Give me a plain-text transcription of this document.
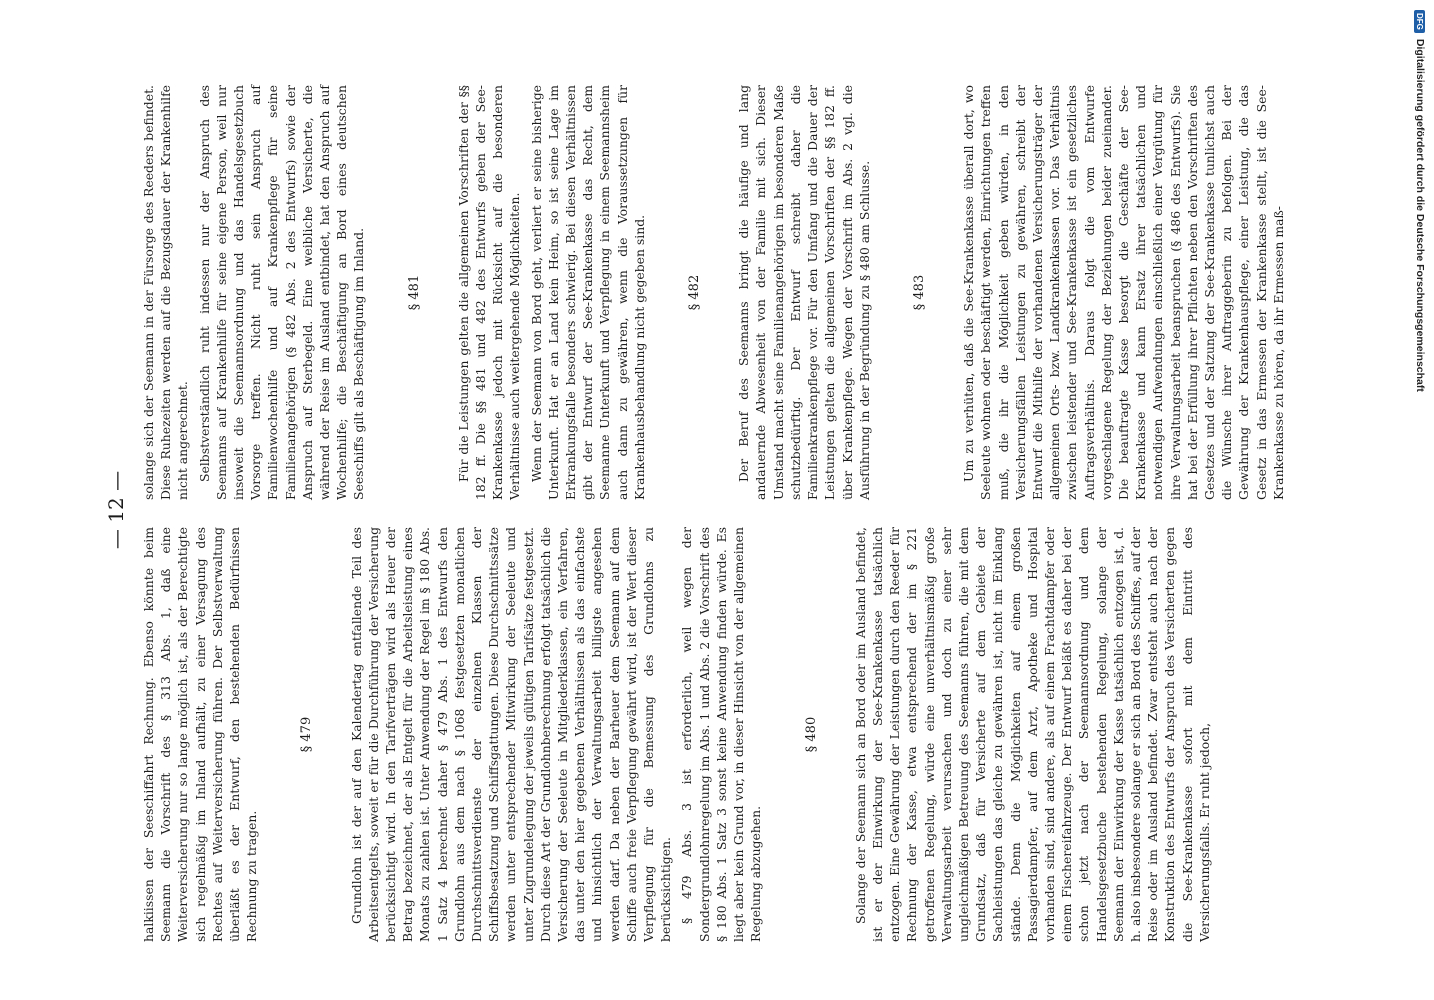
— 12 —

halkiissen der Seeschiffahrt Rechnung. Ebenso könnte beim Seemann die Vorschrift des § 313 Abs. 1, daß eine Weiterversicherung nur so lange möglich ist, als der Berechtigte sich regelmäßig im Inland aufhält, zu einer Versagung des Rechtes auf Weiterversicherung führen. Der Selbstverwaltung überläßt es der Entwurf, den bestehenden Bedürfnissen Rechnung zu tragen.

§ 479	Grundlohn ist der auf den Kalendertag entfallende Teil des Arbeitsentgelts, soweit er für die Durchführung der Versicherung berücksichtigt wird. In den Tarifverträgen wird als Heuer der Betrag bezeichnet, der als Entgelt für die Arbeitsleistung eines Monats zu zahlen ist. Unter Anwendung der Regel im § 180 Abs. 1 Satz 4 berechnet daher § 479 Abs. 1 des Entwurfs den Grundlohn aus dem nach § 1068 festgesetzten monatlichen Durchschnittsverdienste der einzelnen Klassen der Schiffsbesatzung und Schiffsgattungen. Diese Durchschnittssätze werden unter entsprechender Mitwirkung der Seeleute und unter Zugrundelegung der jeweils gültigen Tarifsätze festgesetzt. Durch diese Art der Grundlohnberechnung erfolgt tatsächlich die Versicherung der Seeleute in Mitgliederklassen, ein Verfahren, das unter den hier gegebenen Verhältnissen als das einfachste und hinsichtlich der Verwaltungsarbeit billigste angesehen werden darf. Da neben der Barheuer dem Seemann auf dem Schiffe auch freie Verpflegung gewährt wird, ist der Wert dieser Verpflegung für die Bemessung des Grundlohns zu berücksichtigen. § 479 Abs. 3 ist erforderlich, weil wegen der Sondergrundlohnregelung im Abs. 1 und Abs. 2 die Vorschrift des § 180 Abs. 1 Satz 3 sonst keine Anwendung finden würde. Es liegt aber kein Grund vor, in dieser Hinsicht von der allgemeinen Regelung abzugehen.

§ 480	Solange der Seemann sich an Bord oder im Ausland befindet, ist er der Einwirkung der See-Krankenkasse tatsächlich entzogen. Eine Gewährung der Leistungen durch den Reeder für Rechnung der Kasse, etwa entsprechend der im § 221 getroffenen Regelung, würde eine unverhältnismäßig große Verwaltungsarbeit verursachen und doch zu einer sehr ungleichmäßigen Betreuung des Seemanns führen, die mit dem Grundsatz, daß für Versicherte auf dem Gebiete der Sachleistungen das gleiche zu gewähren ist, nicht im Einklang stände. Denn die Möglichkeiten auf einem großen Passagierdampfer, auf dem Arzt, Apotheke und Hospital vorhanden sind, sind andere, als auf einem Frachtdampfer oder einem Fischereifahrzeuge. Der Entwurf beläßt es daher bei der schon jetzt nach der Seemannsordnung und dem Handelsgesetzbuche bestehenden Regelung, solange der Seemann der Einwirkung der Kasse tatsächlich entzogen ist, d. h. also insbesondere solange er sich an Bord des Schiffes, auf der Reise oder im Ausland befindet. Zwar entsteht auch nach der Konstruktion des Entwurfs der Anspruch des Versicherten gegen die See-Krankenkasse sofort mit dem Eintritt des Versicherungsfalls. Er ruht jedoch,

solange sich der Seemann in der Fürsorge des Reeders befindet. Diese Ruhezeiten werden auf die Bezugsdauer der Krankenhilfe nicht angerechnet. Selbstverständlich ruht indessen nur der Anspruch des Seemanns auf Krankenhilfe für seine eigene Person, weil nur insoweit die Seemannsordnung und das Handelsgesetzbuch Vorsorge treffen. Nicht ruht sein Anspruch auf Familienwochenhilfe und auf Krankenpflege für seine Familienangehörigen (§ 482 Abs. 2 des Entwurfs) sowie der Anspruch auf Sterbegeld. Eine weibliche Versicherte, die während der Reise im Ausland entbindet, hat den Anspruch auf Wochenhilfe; die Beschäftigung an Bord eines deutschen Seeschiffs gilt als Beschäftigung im Inland.	§ 481	Für die Leistungen gelten die allgemeinen Vorschriften der §§ 182 ff. Die §§ 481 und 482 des Entwurfs geben der See-Krankenkasse jedoch mit Rücksicht auf die besonderen Verhältnisse auch weitergehende Möglichkeiten. Wenn der Seemann von Bord geht, verliert er seine bisherige Unterkunft. Hat er an Land kein Heim, so ist seine Lage im Erkrankungsfalle besonders schwierig. Bei diesen Verhältnissen gibt der Entwurf der See-Krankenkasse das Recht, dem Seemanne Unterkunft und Verpflegung in einem Seemannsheim auch dann zu gewähren, wenn die Voraussetzungen für Krankenhausbehandlung nicht gegeben sind.	§ 482	Der Beruf des Seemanns bringt die häufige und lang andauernde Abwesenheit von der Familie mit sich. Dieser Umstand macht seine Familienangehörigen im besonderen Maße schutzbedürftig. Der Entwurf schreibt daher die Familienkrankenpflege vor. Für den Umfang und die Dauer der Leistungen gelten die allgemeinen Vorschriften der §§ 182 ff. über Krankenpflege. Wegen der Vorschrift im Abs. 2 vgl. die Ausführung in der Begründung zu § 480 am Schlusse.	§ 483	Um zu verhüten, daß die See-Krankenkasse überall dort, wo Seeleute wohnen oder beschäftigt werden, Einrichtungen treffen muß, die ihr die Möglichkeit geben würden, in den Versicherungsfällen Leistungen zu gewähren, schreibt der Entwurf die Mithilfe der vorhandenen Versicherungsträger der allgemeinen Orts- bzw. Landkrankenkassen vor. Das Verhältnis zwischen leistender und See-Krankenkasse ist ein gesetzliches Auftragsverhältnis. Daraus folgt die vom Entwurfe vorgeschlagene Regelung der Beziehungen beider zueinander. Die beauftragte Kasse besorgt die Geschäfte der See-Krankenkasse und kann Ersatz ihrer tatsächlichen und notwendigen Aufwendungen einschließlich einer Vergütung für ihre Verwaltungsarbeit beanspruchen (§ 486 des Entwurfs). Sie hat bei der Erfüllung ihrer Pflichten neben den Vorschriften des Gesetzes und der Satzung der See-Krankenkasse tunlichst auch die Wünsche ihrer Auftraggeberin zu befolgen. Bei der Gewährung der Krankenhauspflege, einer Leistung, die das Gesetz in das Ermessen der Krankenkasse stellt, ist die See-Krankenkasse zu hören, da ihr Ermessen maß-

DFG
Digitalisierung gefördert durch die Deutsche Forschungsgemeinschaft
